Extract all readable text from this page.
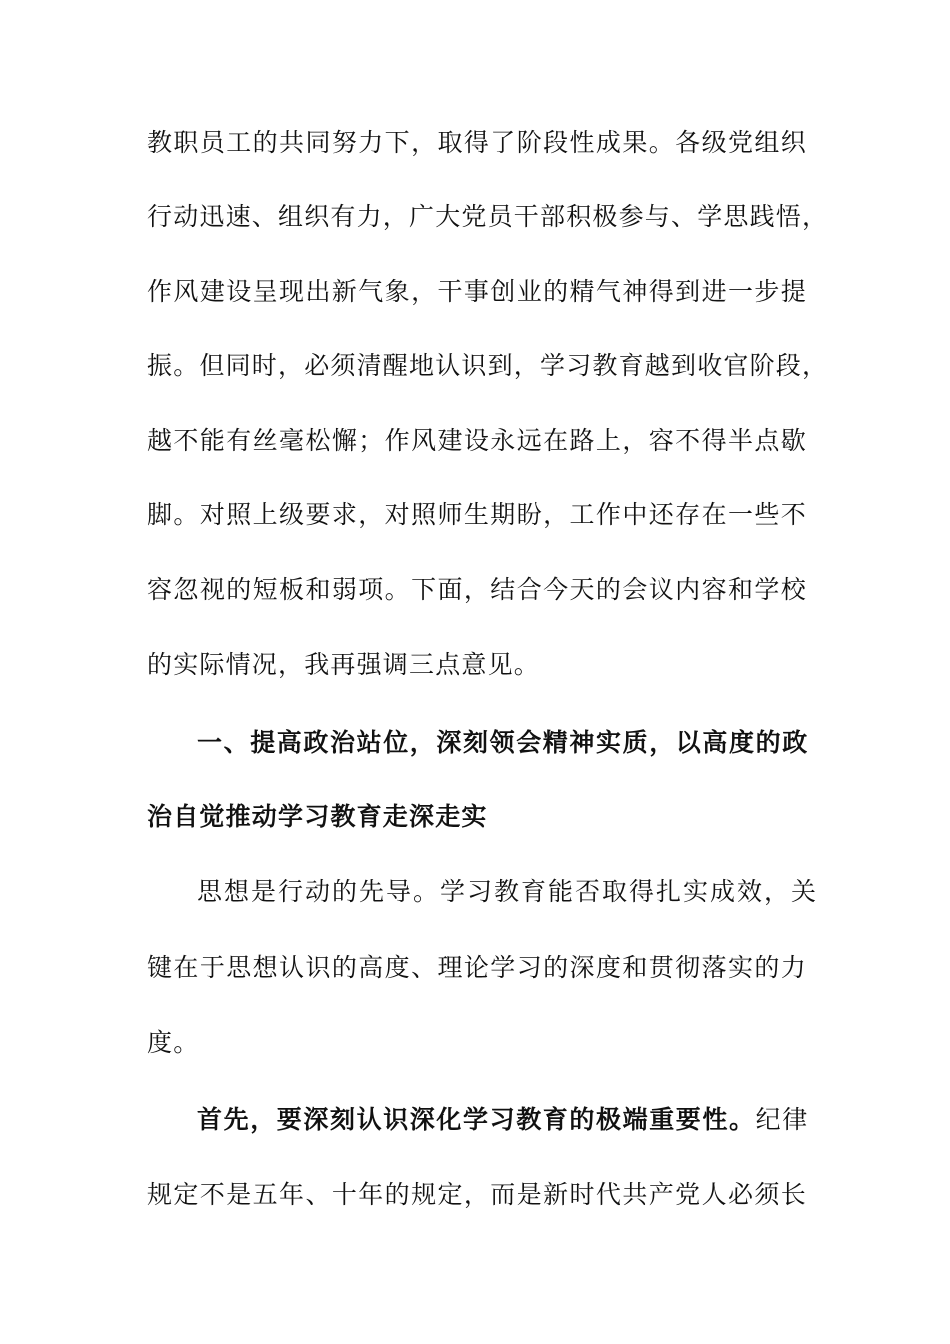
教职员工的共同努力下，取得了阶段性成果。各级党组织
行动迅速、组织有力，广大党员干部积极参与、学思践悟，
作风建设呈现出新气象，干事创业的精气神得到进一步提
振。但同时，必须清醒地认识到，学习教育越到收官阶段，
越不能有丝毫松懈；作风建设永远在路上，容不得半点歇
脚。对照上级要求，对照师生期盼，工作中还存在一些不
容忽视的短板和弱项。下面，结合今天的会议内容和学校
的实际情况，我再强调三点意见。
一、提高政治站位，深刻领会精神实质，以高度的政
治自觉推动学习教育走深走实
思想是行动的先导。学习教育能否取得扎实成效，关
键在于思想认识的高度、理论学习的深度和贯彻落实的力
度。
首先，要深刻认识深化学习教育的极端重要性。纪律
规定不是五年、十年的规定，而是新时代共产党人必须长
